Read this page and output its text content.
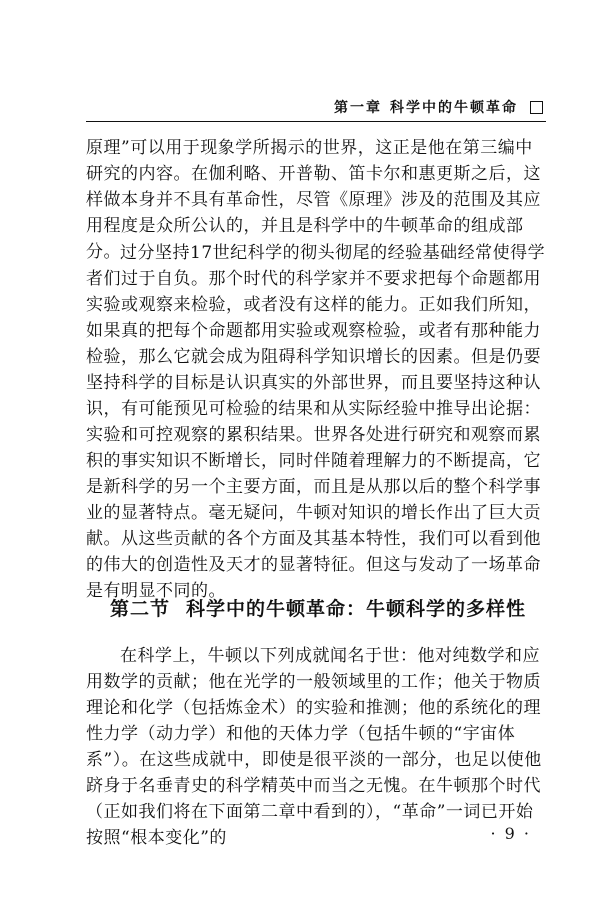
第一章 科学中的牛顿革命
原理”可以用于现象学所揭示的世界，这正是他在第三编中研究的内容。在伽利略、开普勒、笛卡尔和惠更斯之后，这样做本身并不具有革命性，尽管《原理》涉及的范围及其应用程度是众所公认的，并且是科学中的牛顿革命的组成部分。 过分坚持17世纪科学的彻头彻尾的经验基础经常使得学者们过于自负。那个时代的科学家并不要求把每个命题都用实验或观察来检验，或者没有这样的能力。正如我们所知，如果真的把每个命题都用实验或观察检验，或者有那种能力检验，那么它就会成为阻碍科学知识增长的因素。但是仍要坚持科学的目标是认识真实的外部世界，而且要坚持这种认识，有可能预见可检验的结果和从实际经验中推导出论据：实验和可控观察的累积结果。世界各处进行研究和观察而累积的事实知识不断增长，同时伴随着理解力的不断提高，它是新科学的另一个主要方面，而且是从那以后的整个科学事业的显著特点。毫无疑问，牛顿对知识的增长作出了巨大贡献。从这些贡献的各个方面及其基本特性，我们可以看到他的伟大的创造性及天才的显著特征。但这与发动了一场革命是有明显不同的。
第二节 科学中的牛顿革命：牛顿科学的多样性
在科学上，牛顿以下列成就闻名于世：他对纯数学和应用数学的贡献；他在光学的一般领域里的工作；他关于物质理论和化学（包括炼金术）的实验和推测；他的系统化的理性力学（动力学）和他的天体力学（包括牛顿的“宇宙体系”）。在这些成就中，即使是很平淡的一部分，也足以使他跻身于名垂青史的科学精英中而当之无愧。在牛顿那个时代（正如我们将在下面第二章中看到的），“革命”一词已开始按照“根本变化”的	· 9 ·
